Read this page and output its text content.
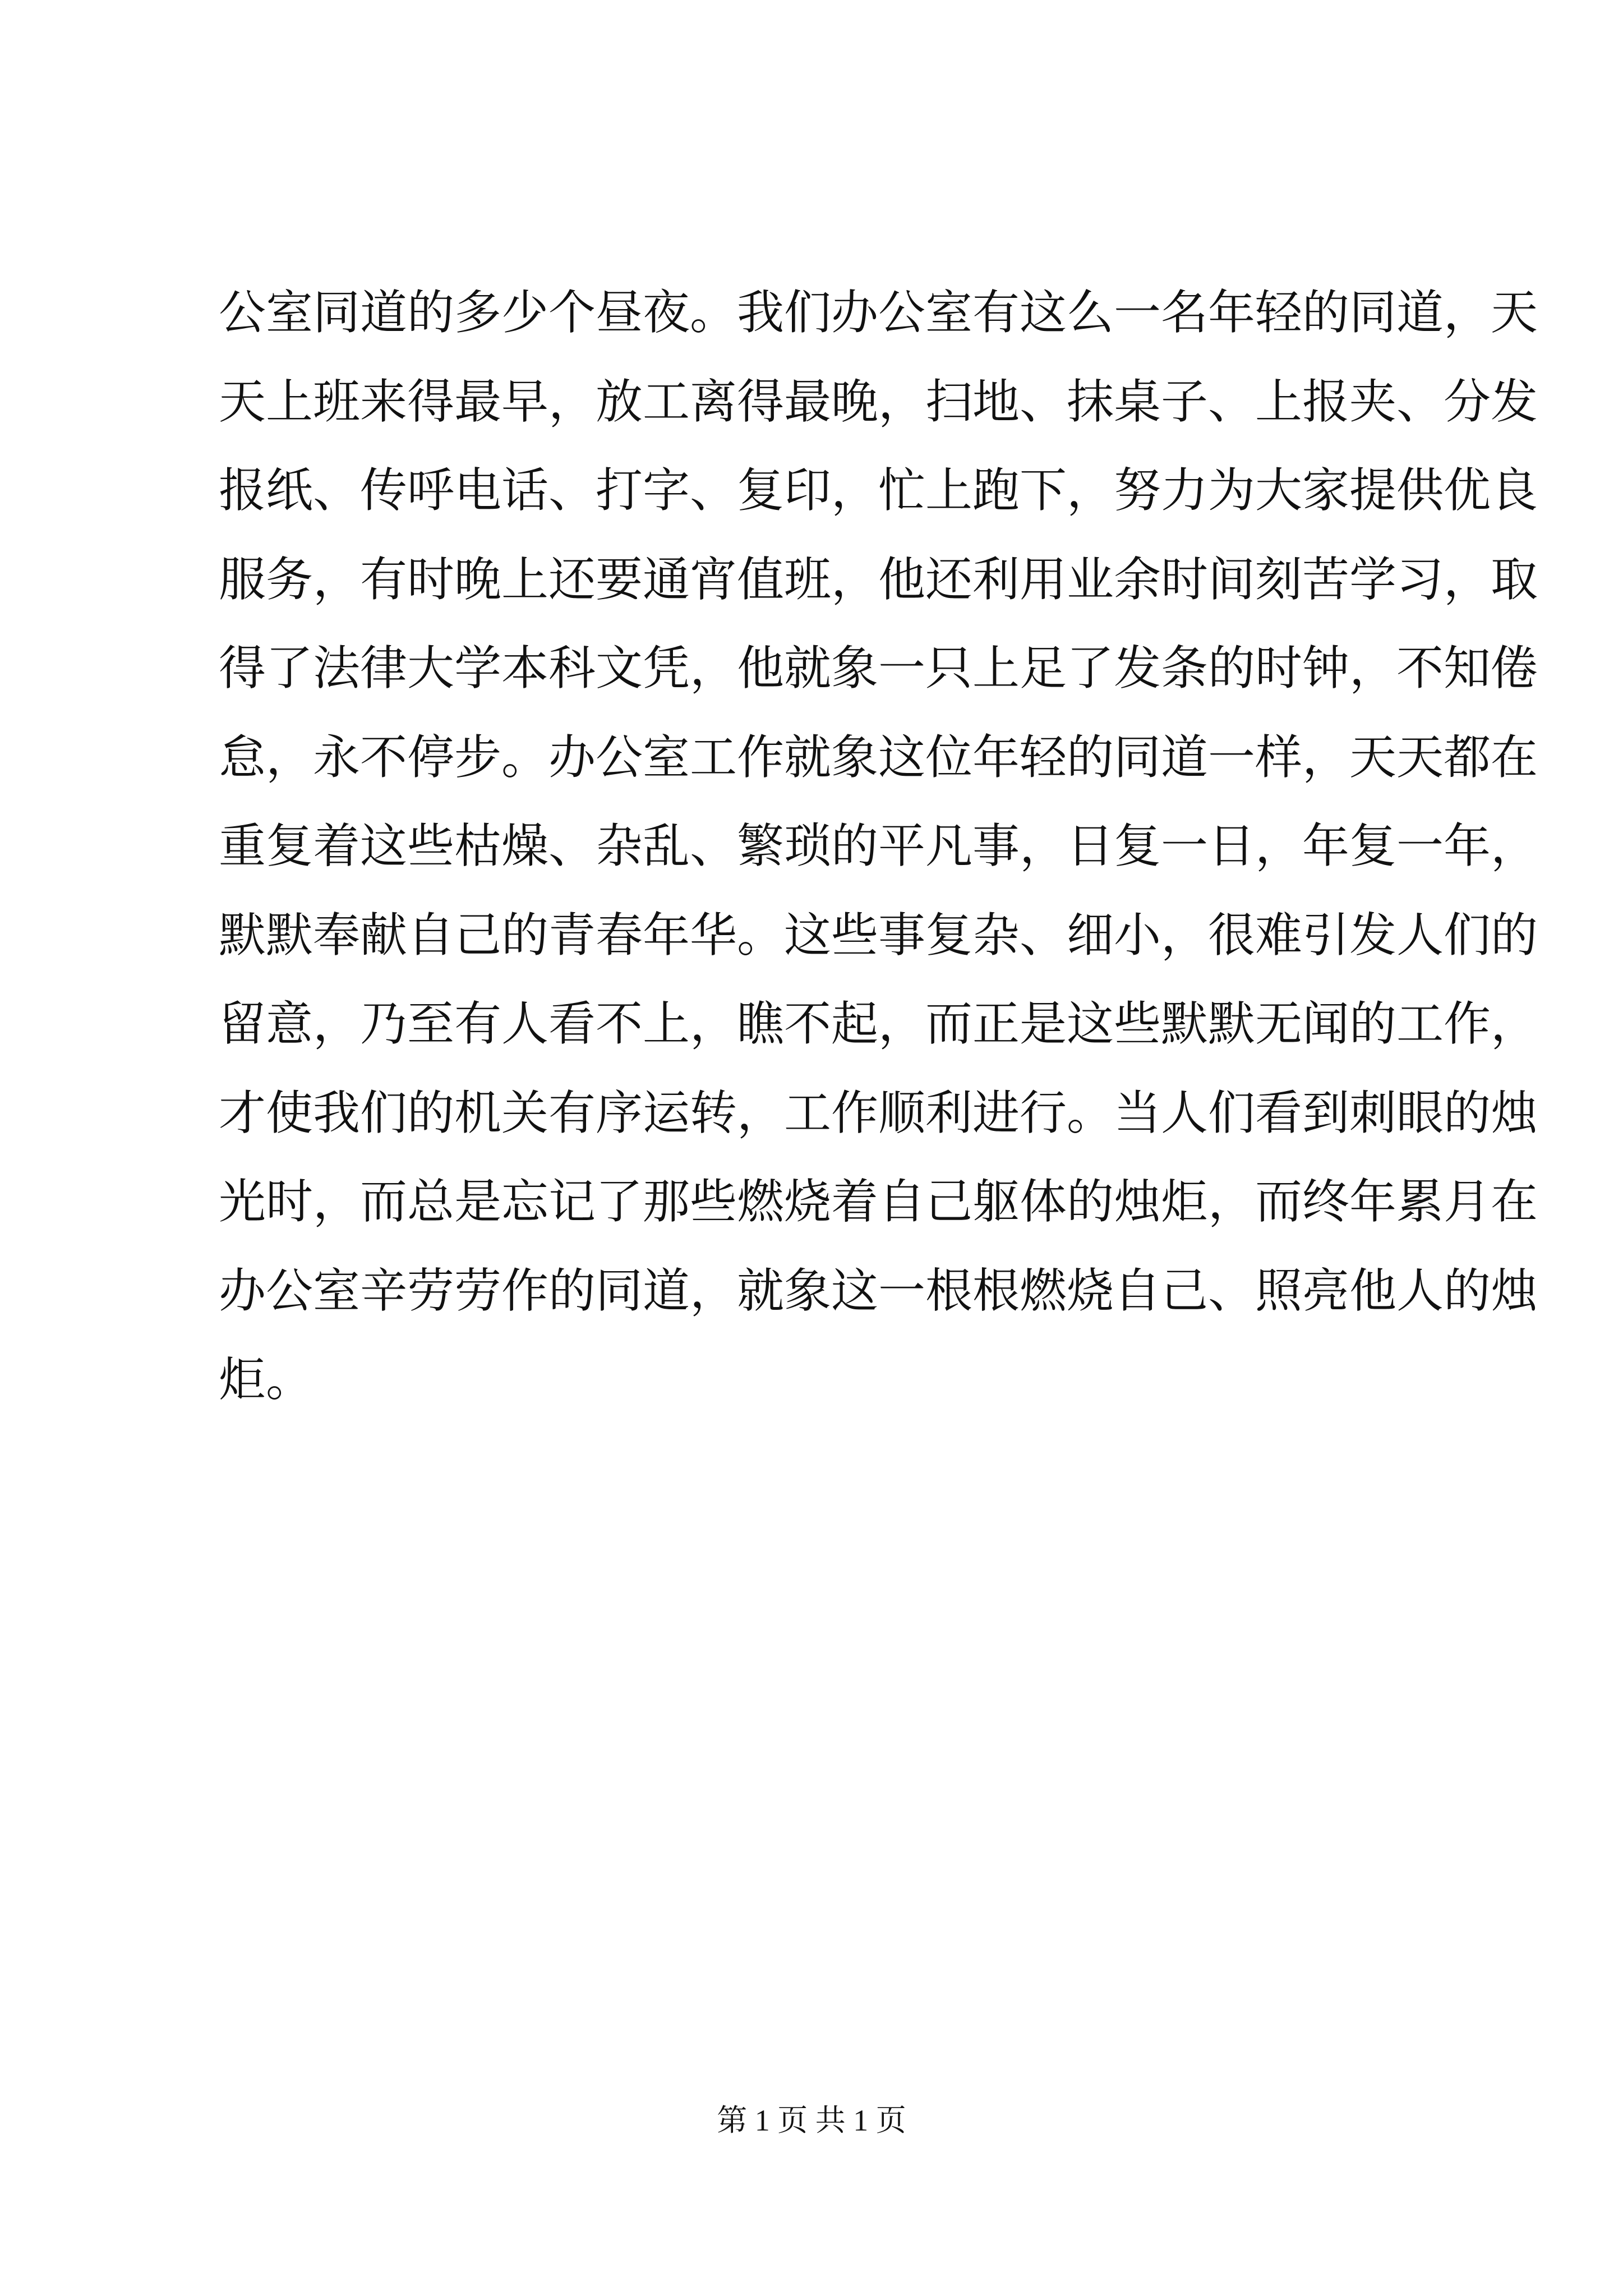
公室同道的多少个昼夜。我们办公室有这么一名年轻的同道，天
天上班来得最早，放工离得最晚，扫地、抹桌子、上报夹、分发
报纸、传呼电话、打字、复印，忙上跑下，努力为大家提供优良
服务，有时晚上还要通宵值班，他还利用业余时间刻苦学习，取
得了法律大学本科文凭，他就象一只上足了发条的时钟，不知倦
怠，永不停步。办公室工作就象这位年轻的同道一样，天天都在
重复着这些枯燥、杂乱、繁琐的平凡事，日复一日，年复一年，
默默奉献自己的青春年华。这些事复杂、细小，很难引发人们的
留意，乃至有人看不上，瞧不起，而正是这些默默无闻的工作，
才使我们的机关有序运转，工作顺利进行。当人们看到刺眼的烛
光时，而总是忘记了那些燃烧着自己躯体的烛炬，而终年累月在
办公室辛劳劳作的同道，就象这一根根燃烧自己、照亮他人的烛
炬。
第 1 页 共 1 页
